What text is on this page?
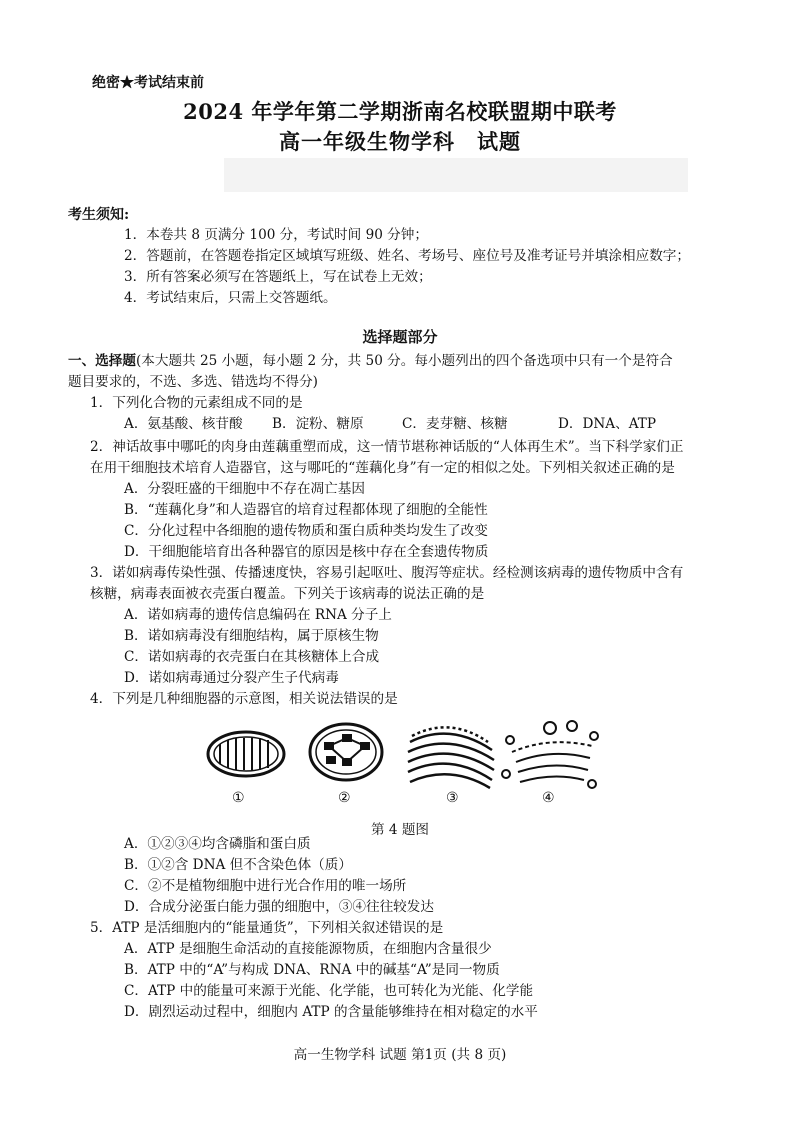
绝密★考试结束前
2024 年学年第二学期浙南名校联盟期中联考
高一年级生物学科 试题
考生须知:
1．本卷共 8 页满分 100 分，考试时间 90 分钟；
2．答题前，在答题卷指定区域填写班级、姓名、考场号、座位号及准考证号并填涂相应数字；
3．所有答案必须写在答题纸上，写在试卷上无效；
4．考试结束后，只需上交答题纸。
选择题部分
一、选择题(本大题共 25 小题，每小题 2 分，共 50 分。每小题列出的四个备选项中只有一个是符合
题目要求的，不选、多选、错选均不得分)
1．下列化合物的元素组成不同的是
A．氨基酸、核苷酸 B．淀粉、糖原	C．麦芽糖、核糖	D．DNA、ATP
2．神话故事中哪吒的肉身由莲藕重塑而成，这一情节堪称神话版的“人体再生术”。当下科学家们正
在用干细胞技术培育人造器官，这与哪吒的“莲藕化身”有一定的相似之处。下列相关叙述正确的是
A．分裂旺盛的干细胞中不存在凋亡基因
B．“莲藕化身”和人造器官的培育过程都体现了细胞的全能性
C．分化过程中各细胞的遗传物质和蛋白质种类均发生了改变
D．干细胞能培育出各种器官的原因是核中存在全套遗传物质
3．诺如病毒传染性强、传播速度快，容易引起呕吐、腹泻等症状。经检测该病毒的遗传物质中含有
核糖，病毒表面被衣壳蛋白覆盖。下列关于该病毒的说法正确的是
A．诺如病毒的遗传信息编码在 RNA 分子上
B．诺如病毒没有细胞结构，属于原核生物
C．诺如病毒的衣壳蛋白在其核糖体上合成
D．诺如病毒通过分裂产生子代病毒
4．下列是几种细胞器的示意图，相关说法错误的是
①	②	③	④
第 4 题图
A．①②③④均含磷脂和蛋白质
B．①②含 DNA 但不含染色体（质）
C．②不是植物细胞中进行光合作用的唯一场所
D．合成分泌蛋白能力强的细胞中，③④往往较发达
5．ATP 是活细胞内的“能量通货”，下列相关叙述错误的是
A．ATP 是细胞生命活动的直接能源物质，在细胞内含量很少
B．ATP 中的“A”与构成 DNA、RNA 中的碱基“A”是同一物质
C．ATP 中的能量可来源于光能、化学能，也可转化为光能、化学能
D．剧烈运动过程中，细胞内 ATP 的含量能够维持在相对稳定的水平
高一生物学科 试题 第1页 (共 8 页)
